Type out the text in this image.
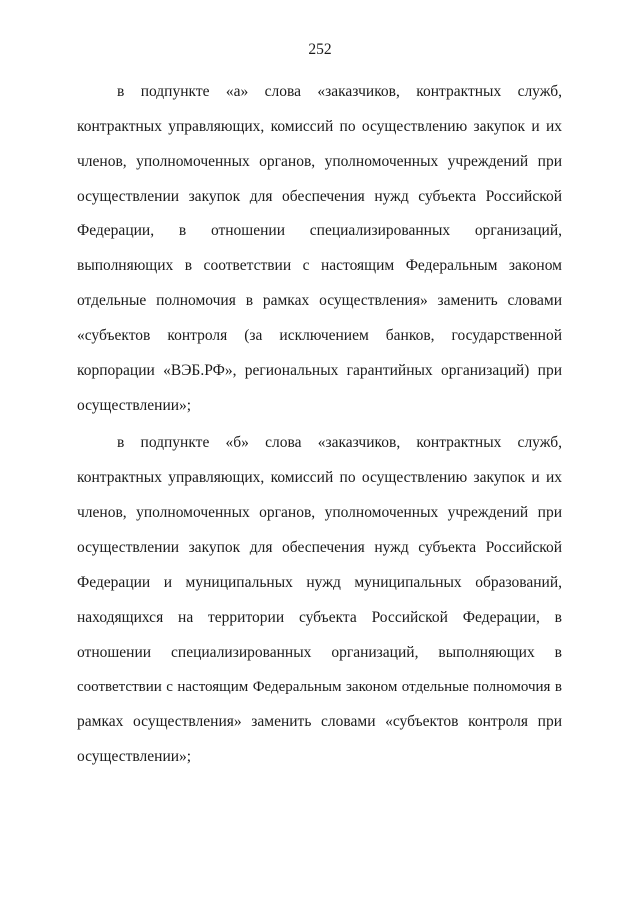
252
в подпункте «а» слова «заказчиков, контрактных служб,
контрактных управляющих, комиссий по осуществлению закупок и их
членов, уполномоченных органов, уполномоченных учреждений при
осуществлении закупок для обеспечения нужд субъекта Российской
Федерации, в отношении специализированных организаций,
выполняющих в соответствии с настоящим Федеральным законом
отдельные полномочия в рамках осуществления» заменить словами
«субъектов контроля (за исключением банков, государственной
корпорации «ВЭБ.РФ», региональных гарантийных организаций) при
осуществлении»;
в подпункте «б» слова «заказчиков, контрактных служб,
контрактных управляющих, комиссий по осуществлению закупок и их
членов, уполномоченных органов, уполномоченных учреждений при
осуществлении закупок для обеспечения нужд субъекта Российской
Федерации и муниципальных нужд муниципальных образований,
находящихся на территории субъекта Российской Федерации, в
отношении специализированных организаций, выполняющих в
соответствии с настоящим Федеральным законом отдельные полномочия в
рамках осуществления» заменить словами «субъектов контроля при
осуществлении»;
